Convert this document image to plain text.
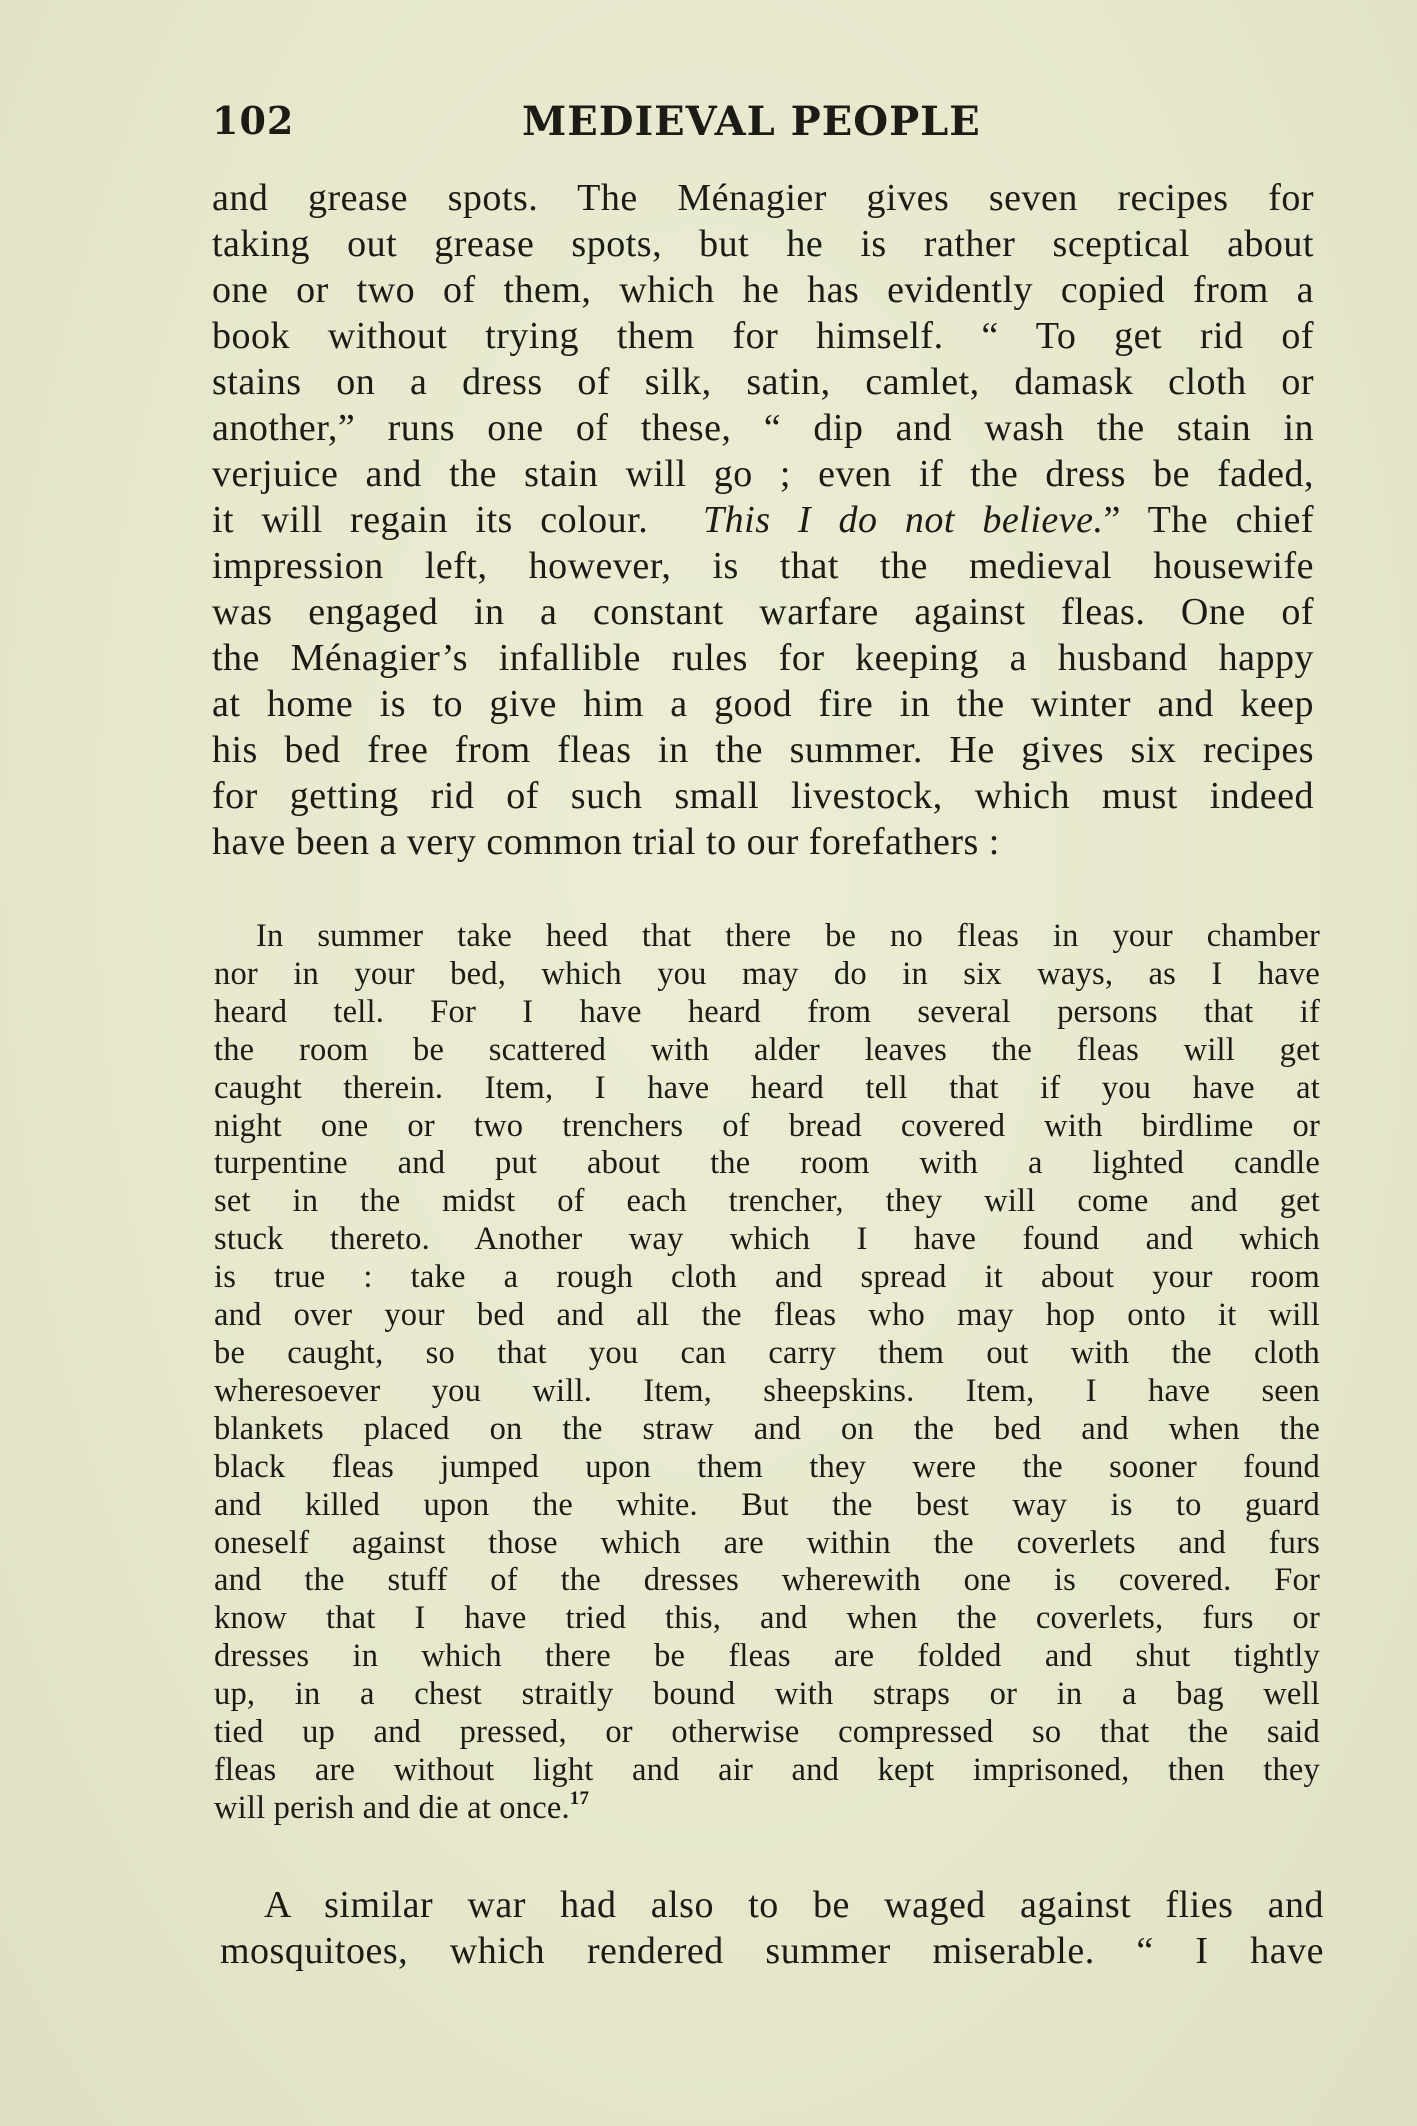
102	MEDIEVAL PEOPLE
and grease spots. The Ménagier gives seven recipes for
taking out grease spots, but he is rather sceptical about
one or two of them, which he has evidently copied from a
book without trying them for himself. “ To get rid of
stains on a dress of silk, satin, camlet, damask cloth or
another,” runs one of these, “ dip and wash the stain in
verjuice and the stain will go ; even if the dress be faded,
it will regain its colour. This I do not believe.” The chief
impression left, however, is that the medieval housewife
was engaged in a constant warfare against fleas. One of
the Ménagier’s infallible rules for keeping a husband happy
at home is to give him a good fire in the winter and keep
his bed free from fleas in the summer. He gives six recipes
for getting rid of such small livestock, which must indeed
have been a very common trial to our forefathers :
In summer take heed that there be no fleas in your chamber
nor in your bed, which you may do in six ways, as I have
heard tell. For I have heard from several persons that if
the room be scattered with alder leaves the fleas will get
caught therein. Item, I have heard tell that if you have at
night one or two trenchers of bread covered with birdlime or
turpentine and put about the room with a lighted candle
set in the midst of each trencher, they will come and get
stuck thereto. Another way which I have found and which
is true : take a rough cloth and spread it about your room
and over your bed and all the fleas who may hop onto it will
be caught, so that you can carry them out with the cloth
wheresoever you will. Item, sheepskins. Item, I have seen
blankets placed on the straw and on the bed and when the
black fleas jumped upon them they were the sooner found
and killed upon the white. But the best way is to guard
oneself against those which are within the coverlets and furs
and the stuff of the dresses wherewith one is covered. For
know that I have tried this, and when the coverlets, furs or
dresses in which there be fleas are folded and shut tightly
up, in a chest straitly bound with straps or in a bag well
tied up and pressed, or otherwise compressed so that the said
fleas are without light and air and kept imprisoned, then they
will perish and die at once.$^{17}$
A similar war had also to be waged against flies and
mosquitoes, which rendered summer miserable. “ I have
